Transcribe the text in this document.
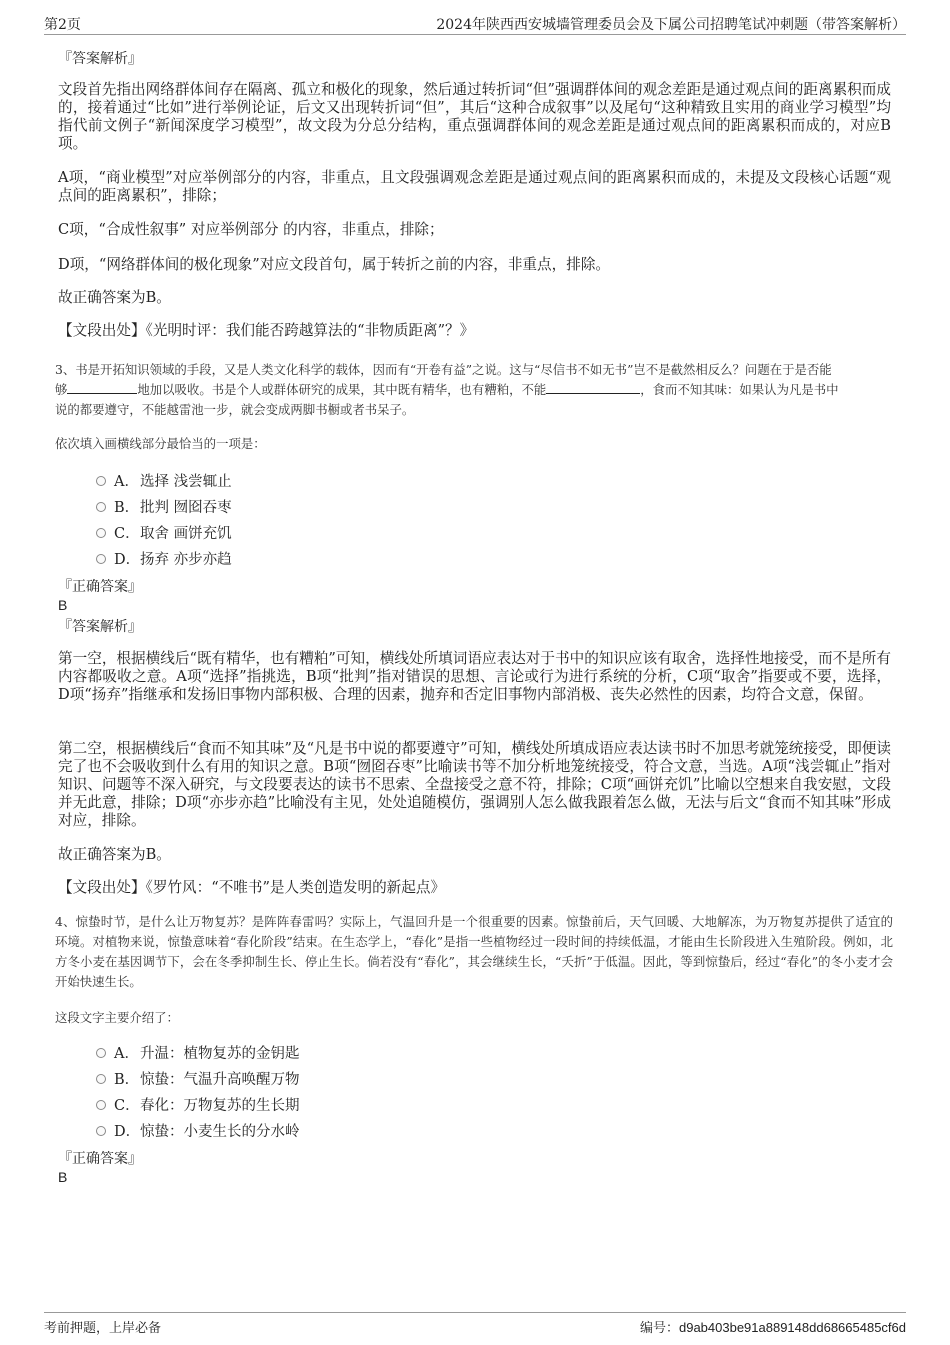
第2页	2024年陕西西安城墙管理委员会及下属公司招聘笔试冲刺题（带答案解析）
『答案解析』

文段首先指出网络群体间存在隔离、孤立和极化的现象，然后通过转折词“但”强调群体间的观念差距是通过观点间的距离累积而成的，接着通过“比如”进行举例论证，后文又出现转折词“但”，其后“这种合成叙事”以及尾句“这种精致且实用的商业学习模型”均指代前文例子“新闻深度学习模型”，故文段为分总分结构，重点强调群体间的观念差距是通过观点间的距离累积而成的，对应B项。

A项，“商业模型”对应举例部分的内容，非重点，且文段强调观念差距是通过观点间的距离累积而成的，未提及文段核心话题“观点间的距离累积”，排除；

C项，“合成性叙事” 对应举例部分 的内容，非重点，排除；

D项，“网络群体间的极化现象”对应文段首句，属于转折之前的内容，非重点，排除。

故正确答案为B。

【文段出处】《光明时评：我们能否跨越算法的“非物质距离”？》

3、书是开拓知识领域的手段，又是人类文化科学的载体，因而有“开卷有益”之说。这与“尽信书不如无书”岂不是截然相反么？问题在于是否能
够	地加以吸收。书是个人或群体研究的成果，其中既有精华，也有糟粕，不能	，食而不知其味：如果认为凡是书中
说的都要遵守，不能越雷池一步，就会变成两脚书橱或者书呆子。
依次填入画横线部分最恰当的一项是：
A．选择 浅尝辄止
B．批判 囫囵吞枣
C．取舍 画饼充饥
D．扬弃 亦步亦趋
『正确答案』
B
『答案解析』

第一空，根据横线后“既有精华，也有糟粕”可知，横线处所填词语应表达对于书中的知识应该有取舍，选择性地接受，而不是所有内容都吸收之意。A项“选择”指挑选，B项“批判”指对错误的思想、言论或行为进行系统的分析，C项“取舍”指要或不要，选择，D项“扬弃”指继承和发扬旧事物内部积极、合理的因素，抛弃和否定旧事物内部消极、丧失必然性的因素，均符合文意，保留。

第二空，根据横线后“食而不知其味”及“凡是书中说的都要遵守”可知，横线处所填成语应表达读书时不加思考就笼统接受，即便读完了也不会吸收到什么有用的知识之意。B项“囫囵吞枣”比喻读书等不加分析地笼统接受，符合文意，当选。A项“浅尝辄止”指对知识、问题等不深入研究，与文段要表达的读书不思索、全盘接受之意不符，排除；C项“画饼充饥”比喻以空想来自我安慰，文段并无此意，排除；D项“亦步亦趋”比喻没有主见，处处追随模仿，强调别人怎么做我跟着怎么做，无法与后文“食而不知其味”形成对应，排除。

故正确答案为B。

【文段出处】《罗竹风：“不唯书”是人类创造发明的新起点》

4、惊蛰时节，是什么让万物复苏？是阵阵春雷吗？实际上，气温回升是一个很重要的因素。惊蛰前后，天气回暖、大地解冻，为万物复苏提供了适宜的环境。对植物来说，惊蛰意味着“春化阶段”结束。在生态学上，“春化”是指一些植物经过一段时间的持续低温，才能由生长阶段进入生殖阶段。例如，北方冬小麦在基因调节下，会在冬季抑制生长、停止生长。倘若没有“春化”，其会继续生长，“夭折”于低温。因此，等到惊蛰后，经过“春化”的冬小麦才会开始快速生长。

这段文字主要介绍了：
A．升温：植物复苏的金钥匙
B．惊蛰：气温升高唤醒万物
C．春化：万物复苏的生长期
D．惊蛰：小麦生长的分水岭
『正确答案』
B
考前押题，上岸必备	编号：d9ab403be91a889148dd68665485cf6d
